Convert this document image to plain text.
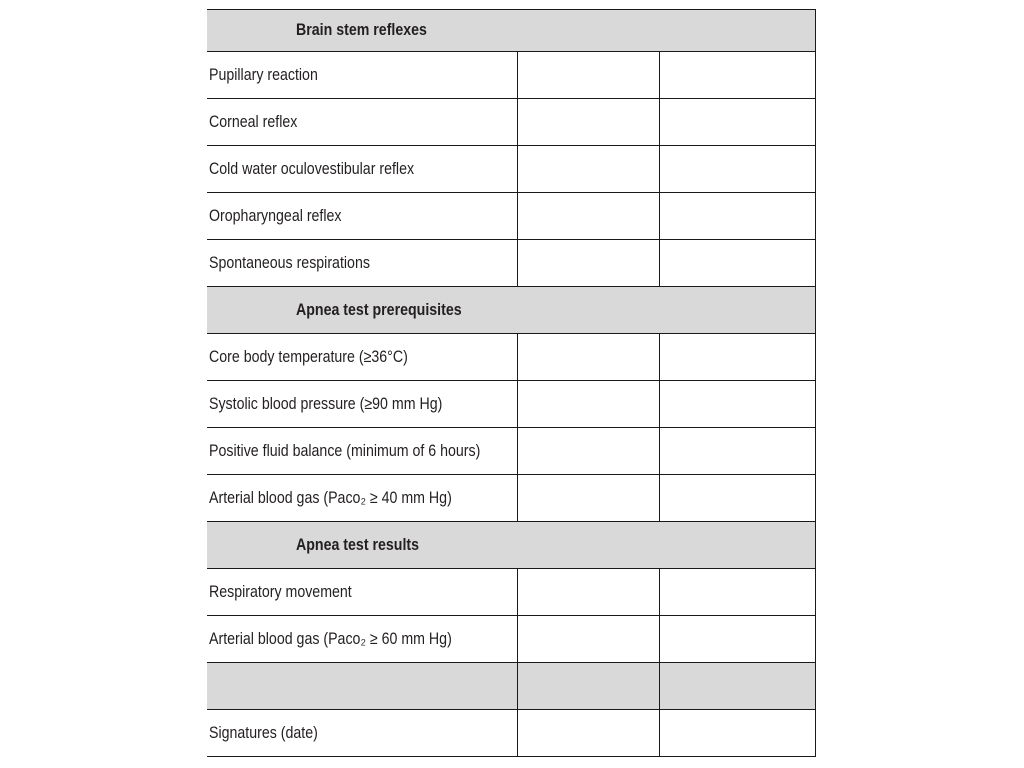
Brain stem reflexes		
Pupillary reaction		
Corneal reflex		
Cold water oculovestibular reflex		
Oropharyngeal reflex		
Spontaneous respirations		
Apnea test prerequisites		
Core body temperature (≥36°C)		
Systolic blood pressure (≥90 mm Hg)		
Positive fluid balance (minimum of 6 hours)		
Arterial blood gas (Paco₂ ≥ 40 mm Hg)		
Apnea test results		
Respiratory movement		
Arterial blood gas (Paco₂ ≥ 60 mm Hg)		

Signatures (date)		
